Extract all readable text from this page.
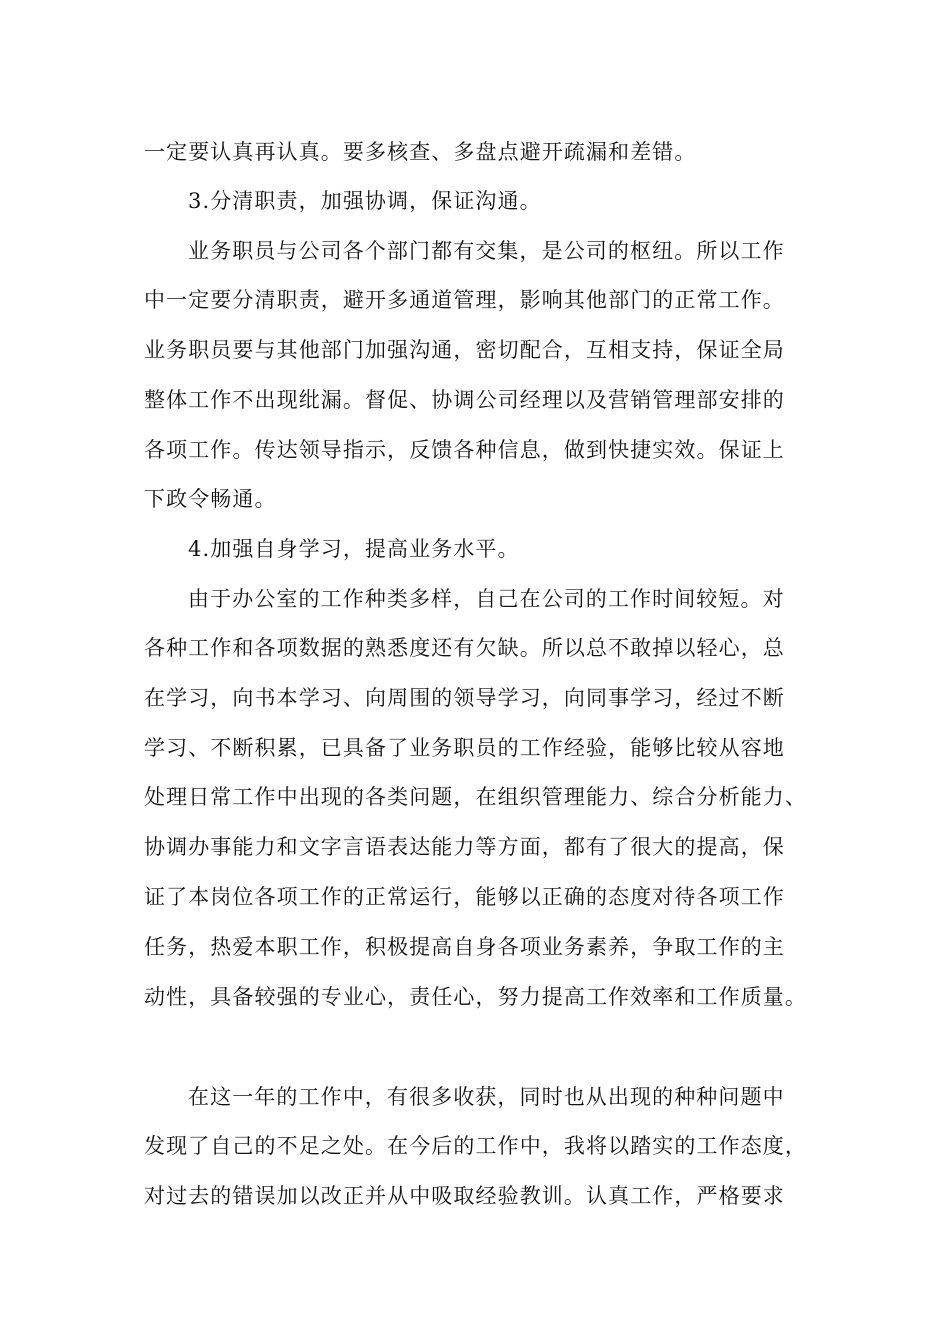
一定要认真再认真。要多核查、多盘点避开疏漏和差错。

3.分清职责，加强协调，保证沟通。

业务职员与公司各个部门都有交集，是公司的枢纽。所以工作

中一定要分清职责，避开多通道管理，影响其他部门的正常工作。

业务职员要与其他部门加强沟通，密切配合，互相支持，保证全局

整体工作不出现纰漏。督促、协调公司经理以及营销管理部安排的

各项工作。传达领导指示，反馈各种信息，做到快捷实效。保证上

下政令畅通。

4.加强自身学习，提高业务水平。

由于办公室的工作种类多样，自己在公司的工作时间较短。对

各种工作和各项数据的熟悉度还有欠缺。所以总不敢掉以轻心，总

在学习，向书本学习、向周围的领导学习，向同事学习，经过不断

学习、不断积累，已具备了业务职员的工作经验，能够比较从容地

处理日常工作中出现的各类问题，在组织管理能力、综合分析能力、

协调办事能力和文字言语表达能力等方面，都有了很大的提高，保

证了本岗位各项工作的正常运行，能够以正确的态度对待各项工作

任务，热爱本职工作，积极提高自身各项业务素养，争取工作的主

动性，具备较强的专业心，责任心，努力提高工作效率和工作质量。

在这一年的工作中，有很多收获，同时也从出现的种种问题中

发现了自己的不足之处。在今后的工作中，我将以踏实的工作态度，

对过去的错误加以改正并从中吸取经验教训。认真工作，严格要求
